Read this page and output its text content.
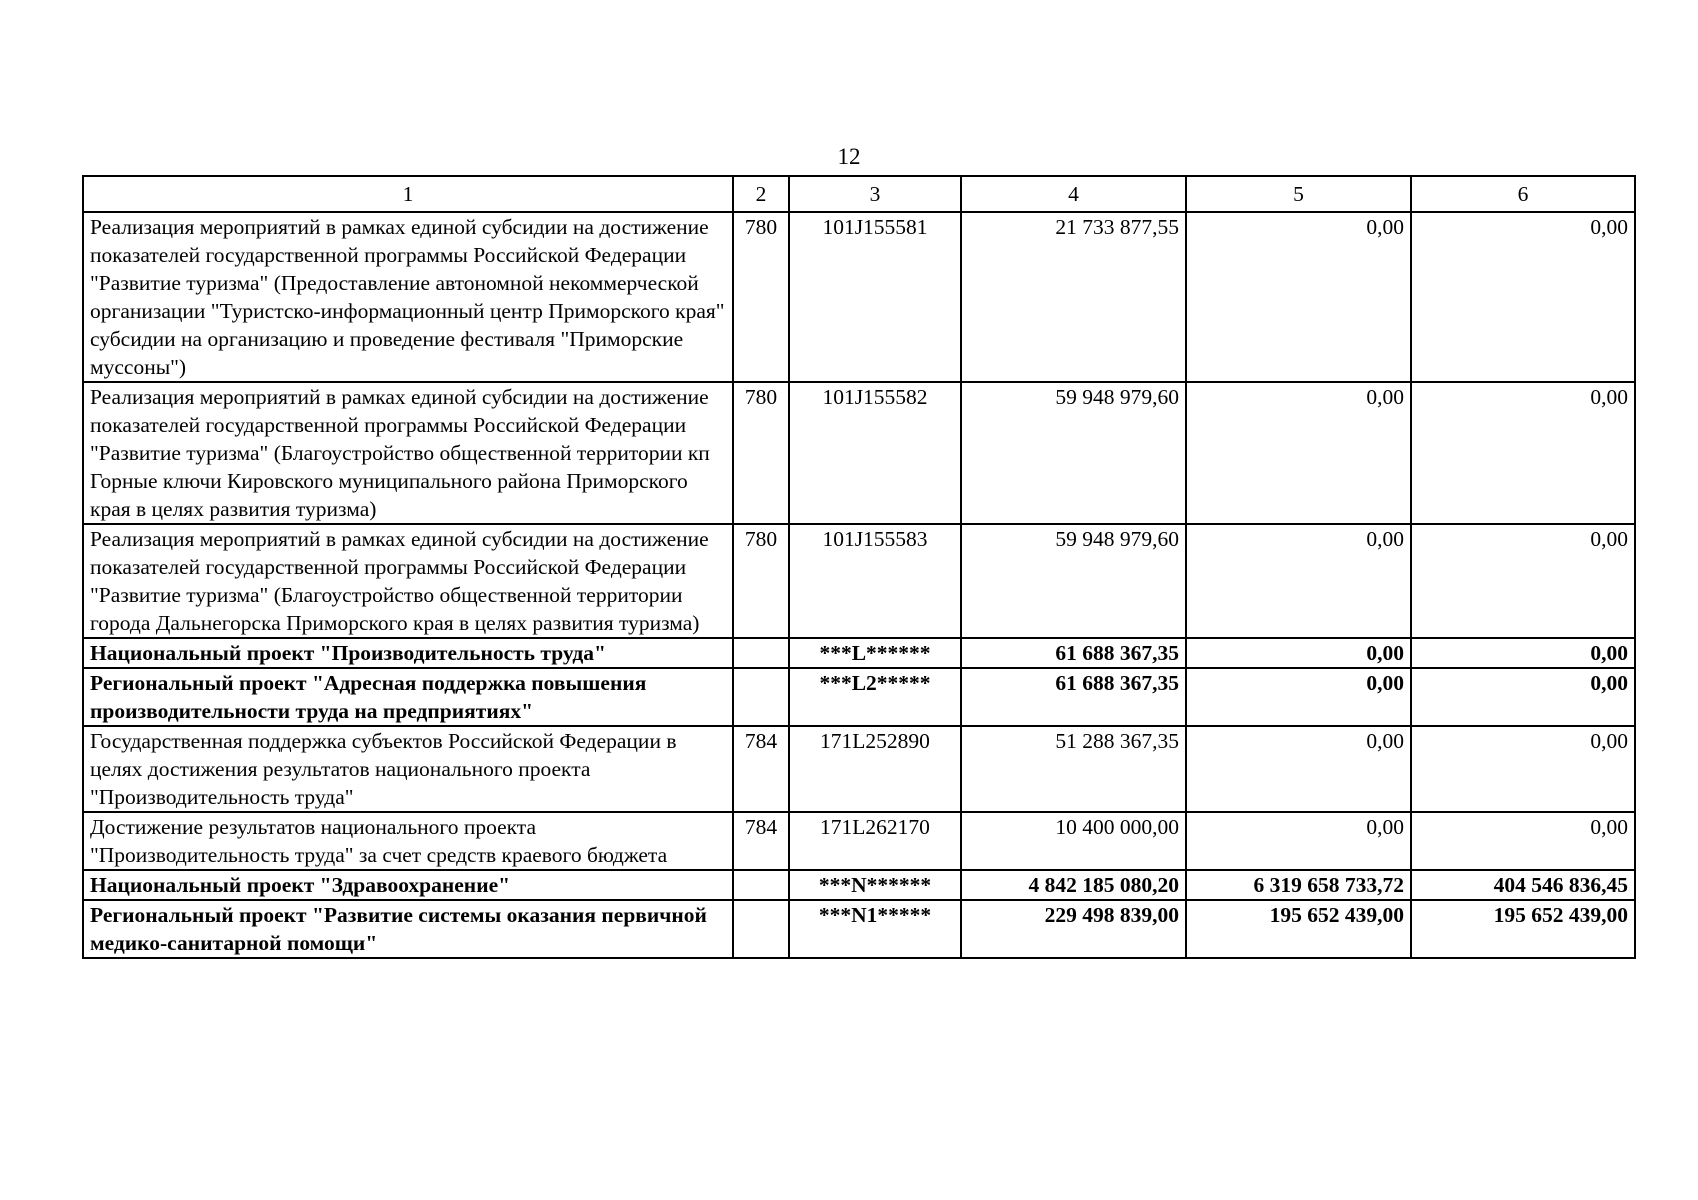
12
1	2	3	4	5	6
Реализация мероприятий в рамках единой субсидии на достижение показателей государственной программы Российской Федерации "Развитие туризма" (Предоставление автономной некоммерческой организации "Туристско-информационный центр Приморского края" субсидии на организацию и проведение фестиваля "Приморские муссоны")	780	101J155581	21 733 877,55	0,00	0,00
Реализация мероприятий в рамках единой субсидии на достижение показателей государственной программы Российской Федерации "Развитие туризма" (Благоустройство общественной территории кп Горные ключи Кировского муниципального района Приморского края в целях развития туризма)	780	101J155582	59 948 979,60	0,00	0,00
Реализация мероприятий в рамках единой субсидии на достижение показателей государственной программы Российской Федерации "Развитие туризма" (Благоустройство общественной территории города Дальнегорска Приморского края в целях развития туризма)	780	101J155583	59 948 979,60	0,00	0,00
Национальный проект "Производительность труда"		***L******	61 688 367,35	0,00	0,00
Региональный проект "Адресная поддержка повышения производительности труда на предприятиях"		***L2*****	61 688 367,35	0,00	0,00
Государственная поддержка субъектов Российской Федерации в целях достижения результатов национального проекта "Производительность труда"	784	171L252890	51 288 367,35	0,00	0,00
Достижение результатов национального проекта "Производительность труда" за счет средств краевого бюджета	784	171L262170	10 400 000,00	0,00	0,00
Национальный проект "Здравоохранение"		***N******	4 842 185 080,20	6 319 658 733,72	404 546 836,45
Региональный проект "Развитие системы оказания первичной медико-санитарной помощи"		***N1*****	229 498 839,00	195 652 439,00	195 652 439,00
